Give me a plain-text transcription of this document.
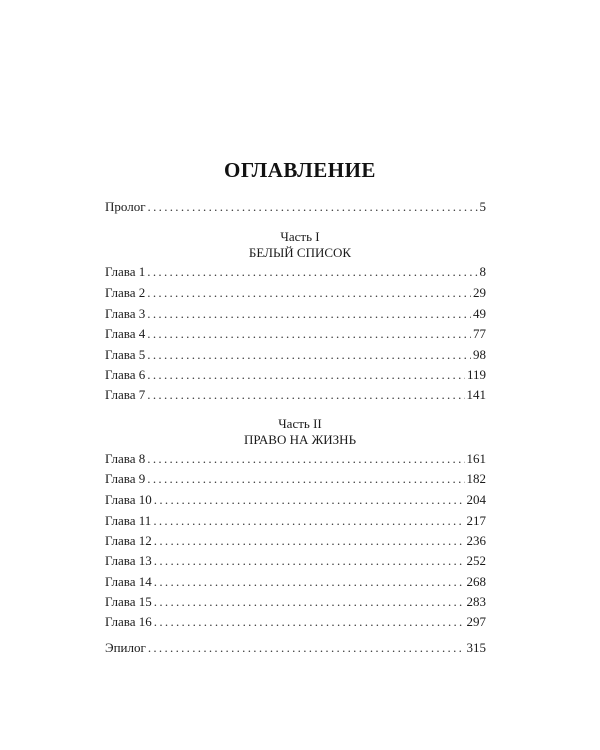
ОГЛАВЛЕНИЕ
Пролог .....	5
Часть I
БЕЛЫЙ СПИСОК
Глава 1 .....	8
Глава 2 .....	29
Глава 3 .....	49
Глава 4 .....	77
Глава 5 .....	98
Глава 6 .....	119
Глава 7 .....	141
Часть II
ПРАВО НА ЖИЗНЬ
Глава 8 .....	161
Глава 9 .....	182
Глава 10 .....	204
Глава 11 .....	217
Глава 12 .....	236
Глава 13 .....	252
Глава 14 .....	268
Глава 15 .....	283
Глава 16 .....	297
Эпилог .....	315
